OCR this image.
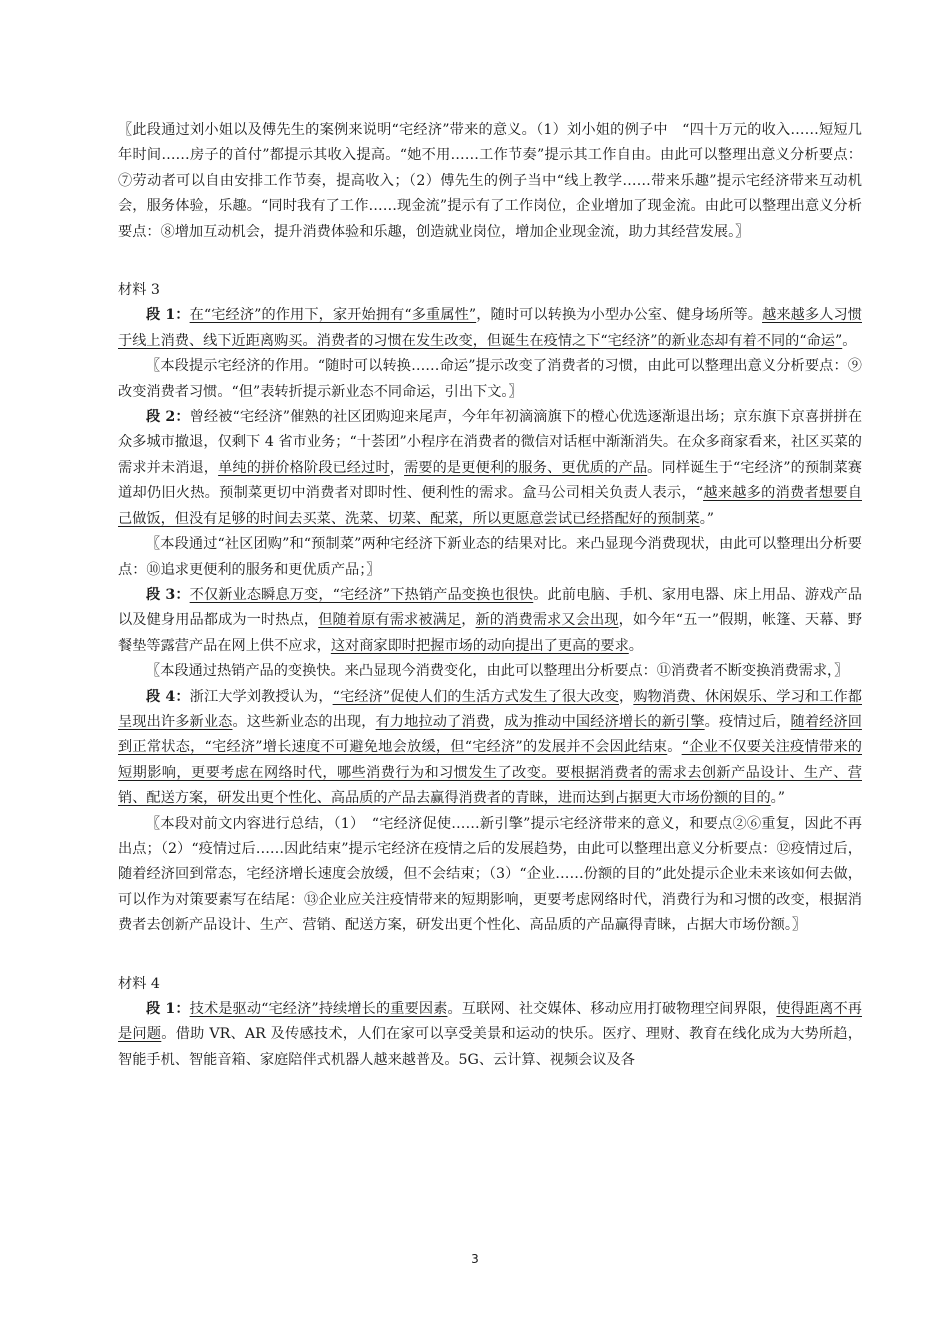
〖此段通过刘小姐以及傅先生的案例来说明“宅经济”带来的意义。（1）刘小姐的例子中　“四十万元的收入……短短几年时间……房子的首付”都提示其收入提高。“她不用……工作节奏”提示其工作自由。由此可以整理出意义分析要点：⑦劳动者可以自由安排工作节奏，提高收入；（2）傅先生的例子当中“线上教学……带来乐趣”提示宅经济带来互动机会，服务体验，乐趣。“同时我有了工作……现金流”提示有了工作岗位，企业增加了现金流。由此可以整理出意义分析要点：⑧增加互动机会，提升消费体验和乐趣，创造就业岗位，增加企业现金流，助力其经营发展。〗

材料 3

段 1：在“宅经济”的作用下，家开始拥有“多重属性”，随时可以转换为小型办公室、健身场所等。越来越多人习惯于线上消费、线下近距离购买。消费者的习惯在发生改变，但诞生在疫情之下“宅经济”的新业态却有着不同的“命运”。

〖本段提示宅经济的作用。“随时可以转换……命运”提示改变了消费者的习惯，由此可以整理出意义分析要点：⑨改变消费者习惯。“但”表转折提示新业态不同命运，引出下文。〗

段 2：曾经被“宅经济”催熟的社区团购迎来尾声，今年年初滴滴旗下的橙心优选逐渐退出场；京东旗下京喜拼拼在众多城市撤退，仅剩下 4 省市业务；“十荟团”小程序在消费者的微信对话框中渐渐消失。在众多商家看来，社区买菜的需求并未消退，单纯的拼价格阶段已经过时，需要的是更便利的服务、更优质的产品。同样诞生于“宅经济”的预制菜赛道却仍旧火热。预制菜更切中消费者对即时性、便利性的需求。盒马公司相关负责人表示，“越来越多的消费者想要自己做饭，但没有足够的时间去买菜、洗菜、切菜、配菜，所以更愿意尝试已经搭配好的预制菜。”

〖本段通过“社区团购”和“预制菜”两种宅经济下新业态的结果对比。来凸显现今消费现状，由此可以整理出分析要点：⑩追求更便利的服务和更优质产品；〗

段 3：不仅新业态瞬息万变，“宅经济”下热销产品变换也很快。此前电脑、手机、家用电器、床上用品、游戏产品以及健身用品都成为一时热点，但随着原有需求被满足，新的消费需求又会出现，如今年“五一”假期，帐篷、天幕、野餐垫等露营产品在网上供不应求，这对商家即时把握市场的动向提出了更高的要求。

〖本段通过热销产品的变换快。来凸显现今消费变化，由此可以整理出分析要点：⑪消费者不断变换消费需求，〗

段 4：浙江大学刘教授认为，“宅经济”促使人们的生活方式发生了很大改变，购物消费、休闲娱乐、学习和工作都呈现出许多新业态。这些新业态的出现，有力地拉动了消费，成为推动中国经济增长的新引擎。疫情过后，随着经济回到正常状态，“宅经济”增长速度不可避免地会放缓，但“宅经济”的发展并不会因此结束。“企业不仅要关注疫情带来的短期影响，更要考虑在网络时代，哪些消费行为和习惯发生了改变。要根据消费者的需求去创新产品设计、生产、营销、配送方案，研发出更个性化、高品质的产品去赢得消费者的青睐，进而达到占据更大市场份额的目的。”

〖本段对前文内容进行总结，（1）　“宅经济促使……新引擎”提示宅经济带来的意义，和要点②⑥重复，因此不再出点；（2）“疫情过后……因此结束”提示宅经济在疫情之后的发展趋势，由此可以整理出意义分析要点：⑫疫情过后，随着经济回到常态，宅经济增长速度会放缓，但不会结束；（3）“企业……份额的目的”此处提示企业未来该如何去做，可以作为对策要素写在结尾：⑬企业应关注疫情带来的短期影响，更要考虑网络时代，消费行为和习惯的改变，根据消费者去创新产品设计、生产、营销、配送方案，研发出更个性化、高品质的产品赢得青睐，占据大市场份额。〗

材料 4

段 1：技术是驱动“宅经济”持续增长的重要因素。互联网、社交媒体、移动应用打破物理空间界限，使得距离不再是问题。借助 VR、AR 及传感技术，人们在家可以享受美景和运动的快乐。医疗、理财、教育在线化成为大势所趋，智能手机、智能音箱、家庭陪伴式机器人越来越普及。5G、云计算、视频会议及各

3
